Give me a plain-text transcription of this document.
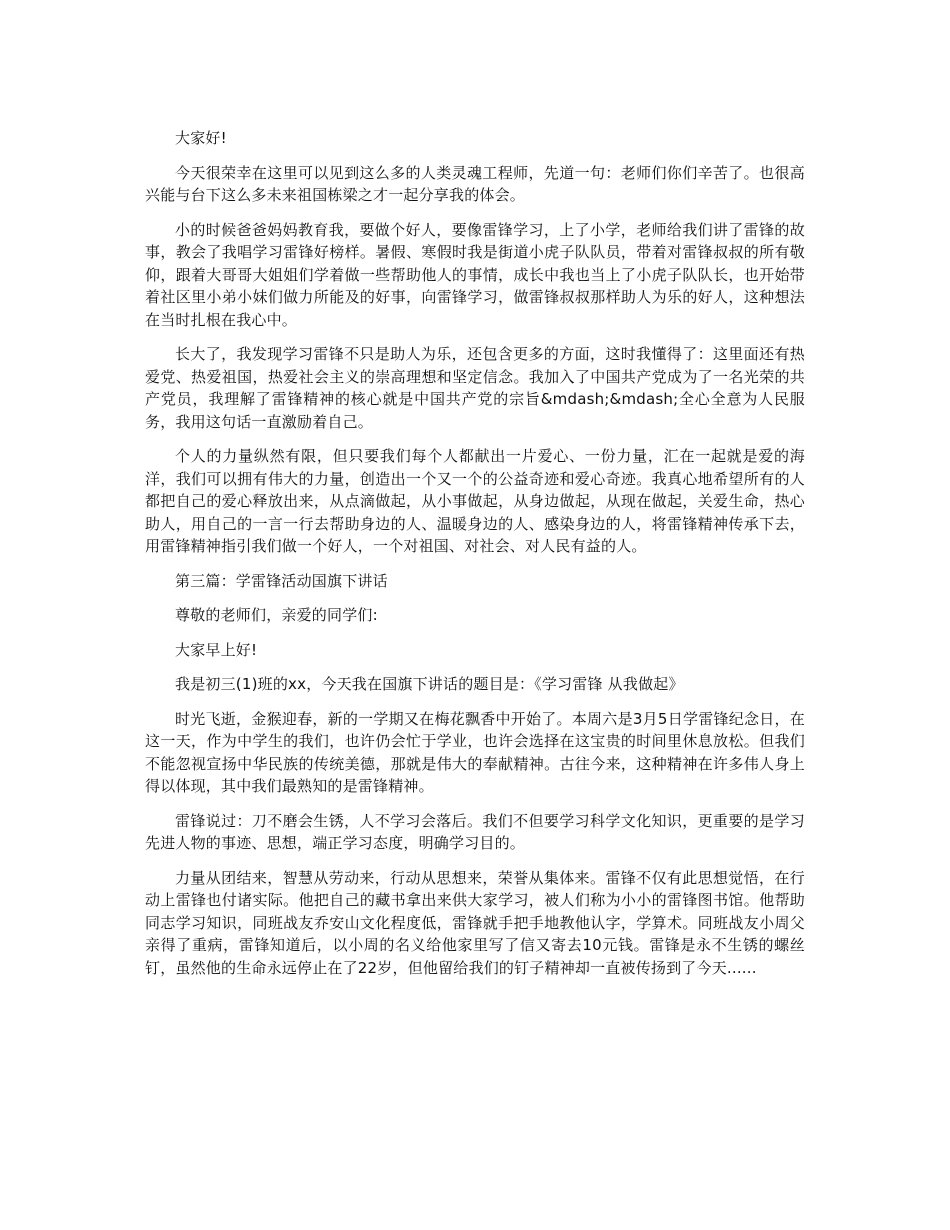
大家好!

今天很荣幸在这里可以见到这么多的人类灵魂工程师，先道一句：老师们你们辛苦了。也很高兴能与台下这么多未来祖国栋梁之才一起分享我的体会。

小的时候爸爸妈妈教育我，要做个好人，要像雷锋学习，上了小学，老师给我们讲了雷锋的故事，教会了我唱学习雷锋好榜样。暑假、寒假时我是街道小虎子队队员，带着对雷锋叔叔的所有敬仰，跟着大哥哥大姐姐们学着做一些帮助他人的事情，成长中我也当上了小虎子队队长，也开始带着社区里小弟小妹们做力所能及的好事，向雷锋学习，做雷锋叔叔那样助人为乐的好人，这种想法在当时扎根在我心中。

长大了，我发现学习雷锋不只是助人为乐，还包含更多的方面，这时我懂得了：这里面还有热爱党、热爱祖国，热爱社会主义的崇高理想和坚定信念。我加入了中国共产党成为了一名光荣的共产党员，我理解了雷锋精神的核心就是中国共产党的宗旨&mdash;&mdash;全心全意为人民服务，我用这句话一直激励着自己。

个人的力量纵然有限，但只要我们每个人都献出一片爱心、一份力量，汇在一起就是爱的海洋，我们可以拥有伟大的力量，创造出一个又一个的公益奇迹和爱心奇迹。我真心地希望所有的人都把自己的爱心释放出来，从点滴做起，从小事做起，从身边做起，从现在做起，关爱生命，热心助人，用自己的一言一行去帮助身边的人、温暖身边的人、感染身边的人，将雷锋精神传承下去，用雷锋精神指引我们做一个好人，一个对祖国、对社会、对人民有益的人。

第三篇：学雷锋活动国旗下讲话

尊敬的老师们，亲爱的同学们:

大家早上好!

我是初三(1)班的xx，今天我在国旗下讲话的题目是：《学习雷锋 从我做起》

时光飞逝，金猴迎春，新的一学期又在梅花飘香中开始了。本周六是3月5日学雷锋纪念日，在这一天，作为中学生的我们，也许仍会忙于学业，也许会选择在这宝贵的时间里休息放松。但我们不能忽视宣扬中华民族的传统美德，那就是伟大的奉献精神。古往今来，这种精神在许多伟人身上得以体现，其中我们最熟知的是雷锋精神。

雷锋说过：刀不磨会生锈，人不学习会落后。我们不但要学习科学文化知识，更重要的是学习先进人物的事迹、思想，端正学习态度，明确学习目的。

力量从团结来，智慧从劳动来，行动从思想来，荣誉从集体来。雷锋不仅有此思想觉悟，在行动上雷锋也付诸实际。他把自己的藏书拿出来供大家学习，被人们称为小小的雷锋图书馆。他帮助同志学习知识，同班战友乔安山文化程度低，雷锋就手把手地教他认字，学算术。同班战友小周父亲得了重病，雷锋知道后，以小周的名义给他家里写了信又寄去10元钱。雷锋是永不生锈的螺丝钉，虽然他的生命永远停止在了22岁，但他留给我们的钉子精神却一直被传扬到了今天......
